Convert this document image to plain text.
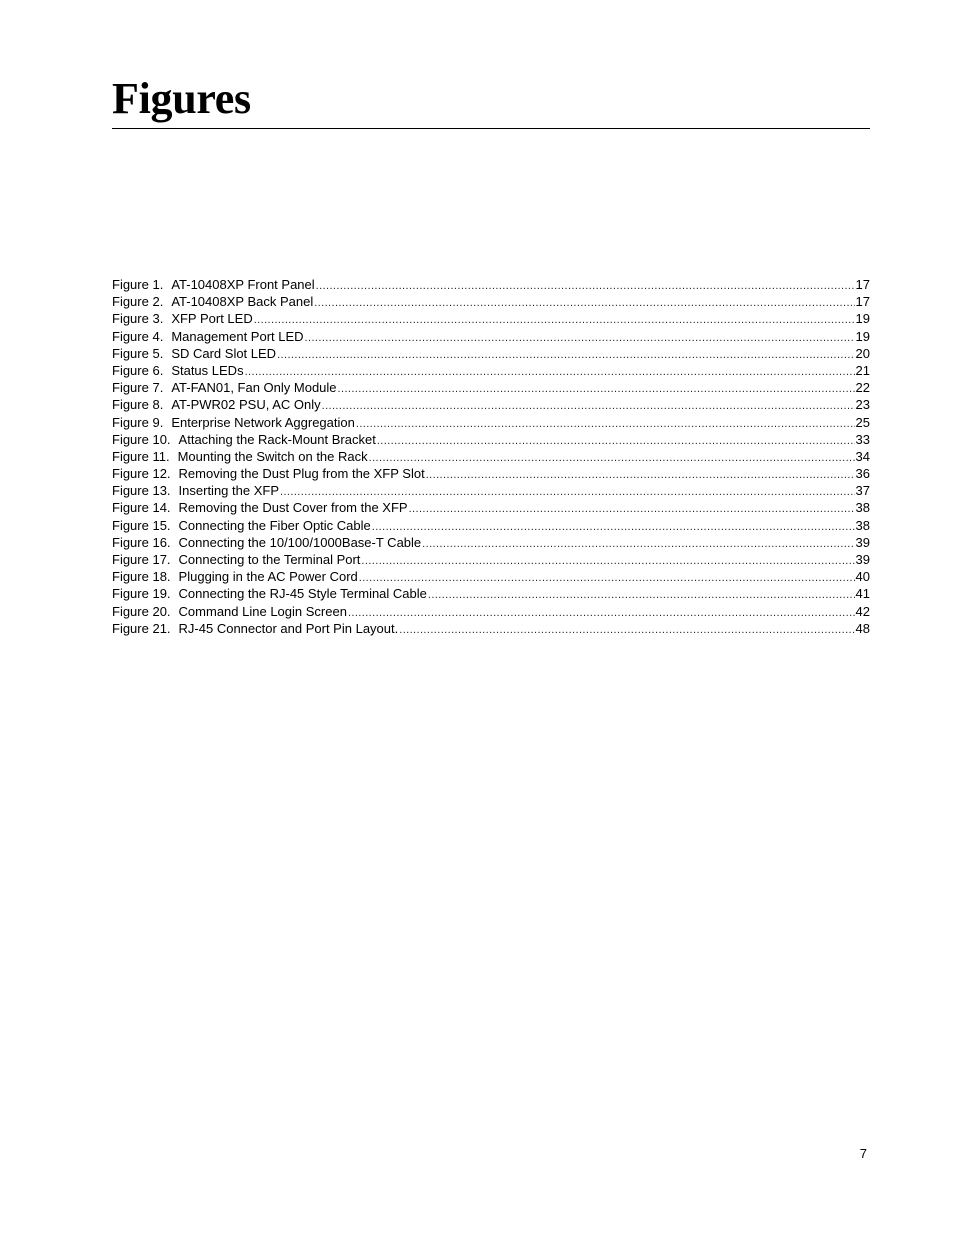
Figures
Figure 1. AT-10408XP Front Panel .....	17
Figure 2. AT-10408XP Back Panel .....	17
Figure 3. XFP Port LED .....	19
Figure 4. Management Port LED .....	19
Figure 5. SD Card Slot LED .....	20
Figure 6. Status LEDs .....	21
Figure 7. AT-FAN01, Fan Only Module .....	22
Figure 8. AT-PWR02 PSU, AC Only .....	23
Figure 9. Enterprise Network Aggregation .....	25
Figure 10. Attaching the Rack-Mount Bracket .....	33
Figure 11. Mounting the Switch on the Rack .....	34
Figure 12. Removing the Dust Plug from the XFP Slot .....	36
Figure 13. Inserting the XFP .....	37
Figure 14. Removing the Dust Cover from the XFP .....	38
Figure 15. Connecting the Fiber Optic Cable .....	38
Figure 16. Connecting the 10/100/1000Base-T Cable .....	39
Figure 17. Connecting to the Terminal Port .....	39
Figure 18. Plugging in the AC Power Cord .....	40
Figure 19. Connecting the RJ-45 Style Terminal Cable .....	41
Figure 20. Command Line Login Screen .....	42
Figure 21. RJ-45 Connector and Port Pin Layout. .....	48
7
